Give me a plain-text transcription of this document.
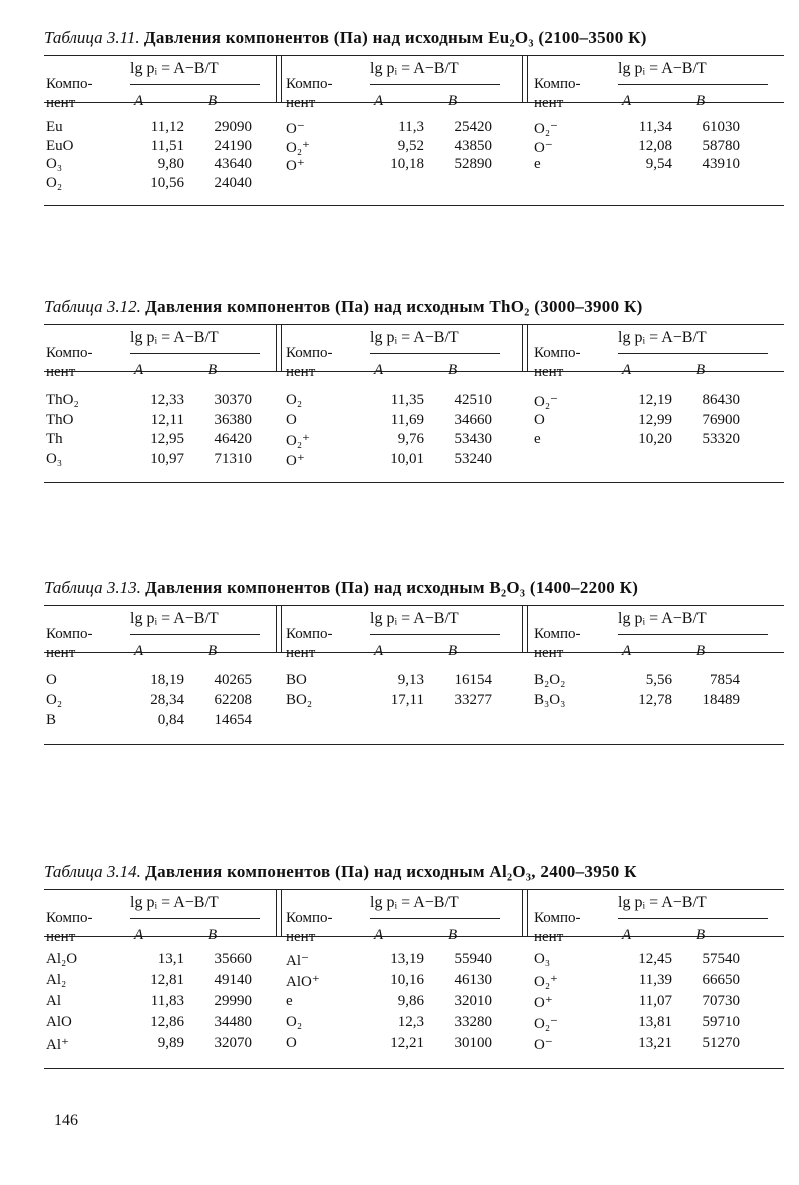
Таблица 3.11. Давления компонентов (Па) над исходным Eu₂O₃ (2100–3500 К)
Компо-
нент
lg pᵢ = A−B/T
A	B
Компо-
нент
lg pᵢ = A−B/T
A	B
Компо-
нент
lg pᵢ = A−B/T
A	B
Eu	11,12	29090
EuO	11,51	24190
O₃	9,80	43640
O₂	10,56	24040
O⁻	11,3	25420
O₂⁺	9,52	43850
O⁺	10,18	52890
O₂⁻	11,34	61030
O⁻	12,08	58780
e	9,54	43910
Таблица 3.12. Давления компонентов (Па) над исходным ThO₂ (3000–3900 К)
Компо-
нент
lg pᵢ = A−B/T
A	B
Компо-
нент
lg pᵢ = A−B/T
A	B
Компо-
нент
lg pᵢ = A−B/T
A	B
ThO₂	12,33	30370
ThO	12,11	36380
Th	12,95	46420
O₃	10,97	71310
O₂	11,35	42510
O	11,69	34660
O₂⁺	9,76	53430
O⁺	10,01	53240
O₂⁻	12,19	86430
O	12,99	76900
e	10,20	53320
Таблица 3.13. Давления компонентов (Па) над исходным B₂O₃ (1400–2200 К)
Компо-
нент
lg pᵢ = A−B/T
A	B
Компо-
нент
lg pᵢ = A−B/T
A	B
Компо-
нент
lg pᵢ = A−B/T
A	B
O	18,19	40265
O₂	28,34	62208
B	0,84	14654
BO	9,13	16154
BO₂	17,11	33277
B₂O₂	5,56	7854
B₃O₃	12,78	18489
Таблица 3.14. Давления компонентов (Па) над исходным Al₂O₃, 2400–3950 К
Компо-
нент
lg pᵢ = A−B/T
A	B
Компо-
нент
lg pᵢ = A−B/T
A	B
Компо-
нент
lg pᵢ = A−B/T
A	B
Al₂O	13,1	35660
Al₂	12,81	49140
Al	11,83	29990
AlO	12,86	34480
Al⁺	9,89	32070
Al⁻	13,19	55940
AlO⁺	10,16	46130
e	9,86	32010
O₂	12,3	33280
O	12,21	30100
O₃	12,45	57540
O₂⁺	11,39	66650
O⁺	11,07	70730
O₂⁻	13,81	59710
O⁻	13,21	51270
146
